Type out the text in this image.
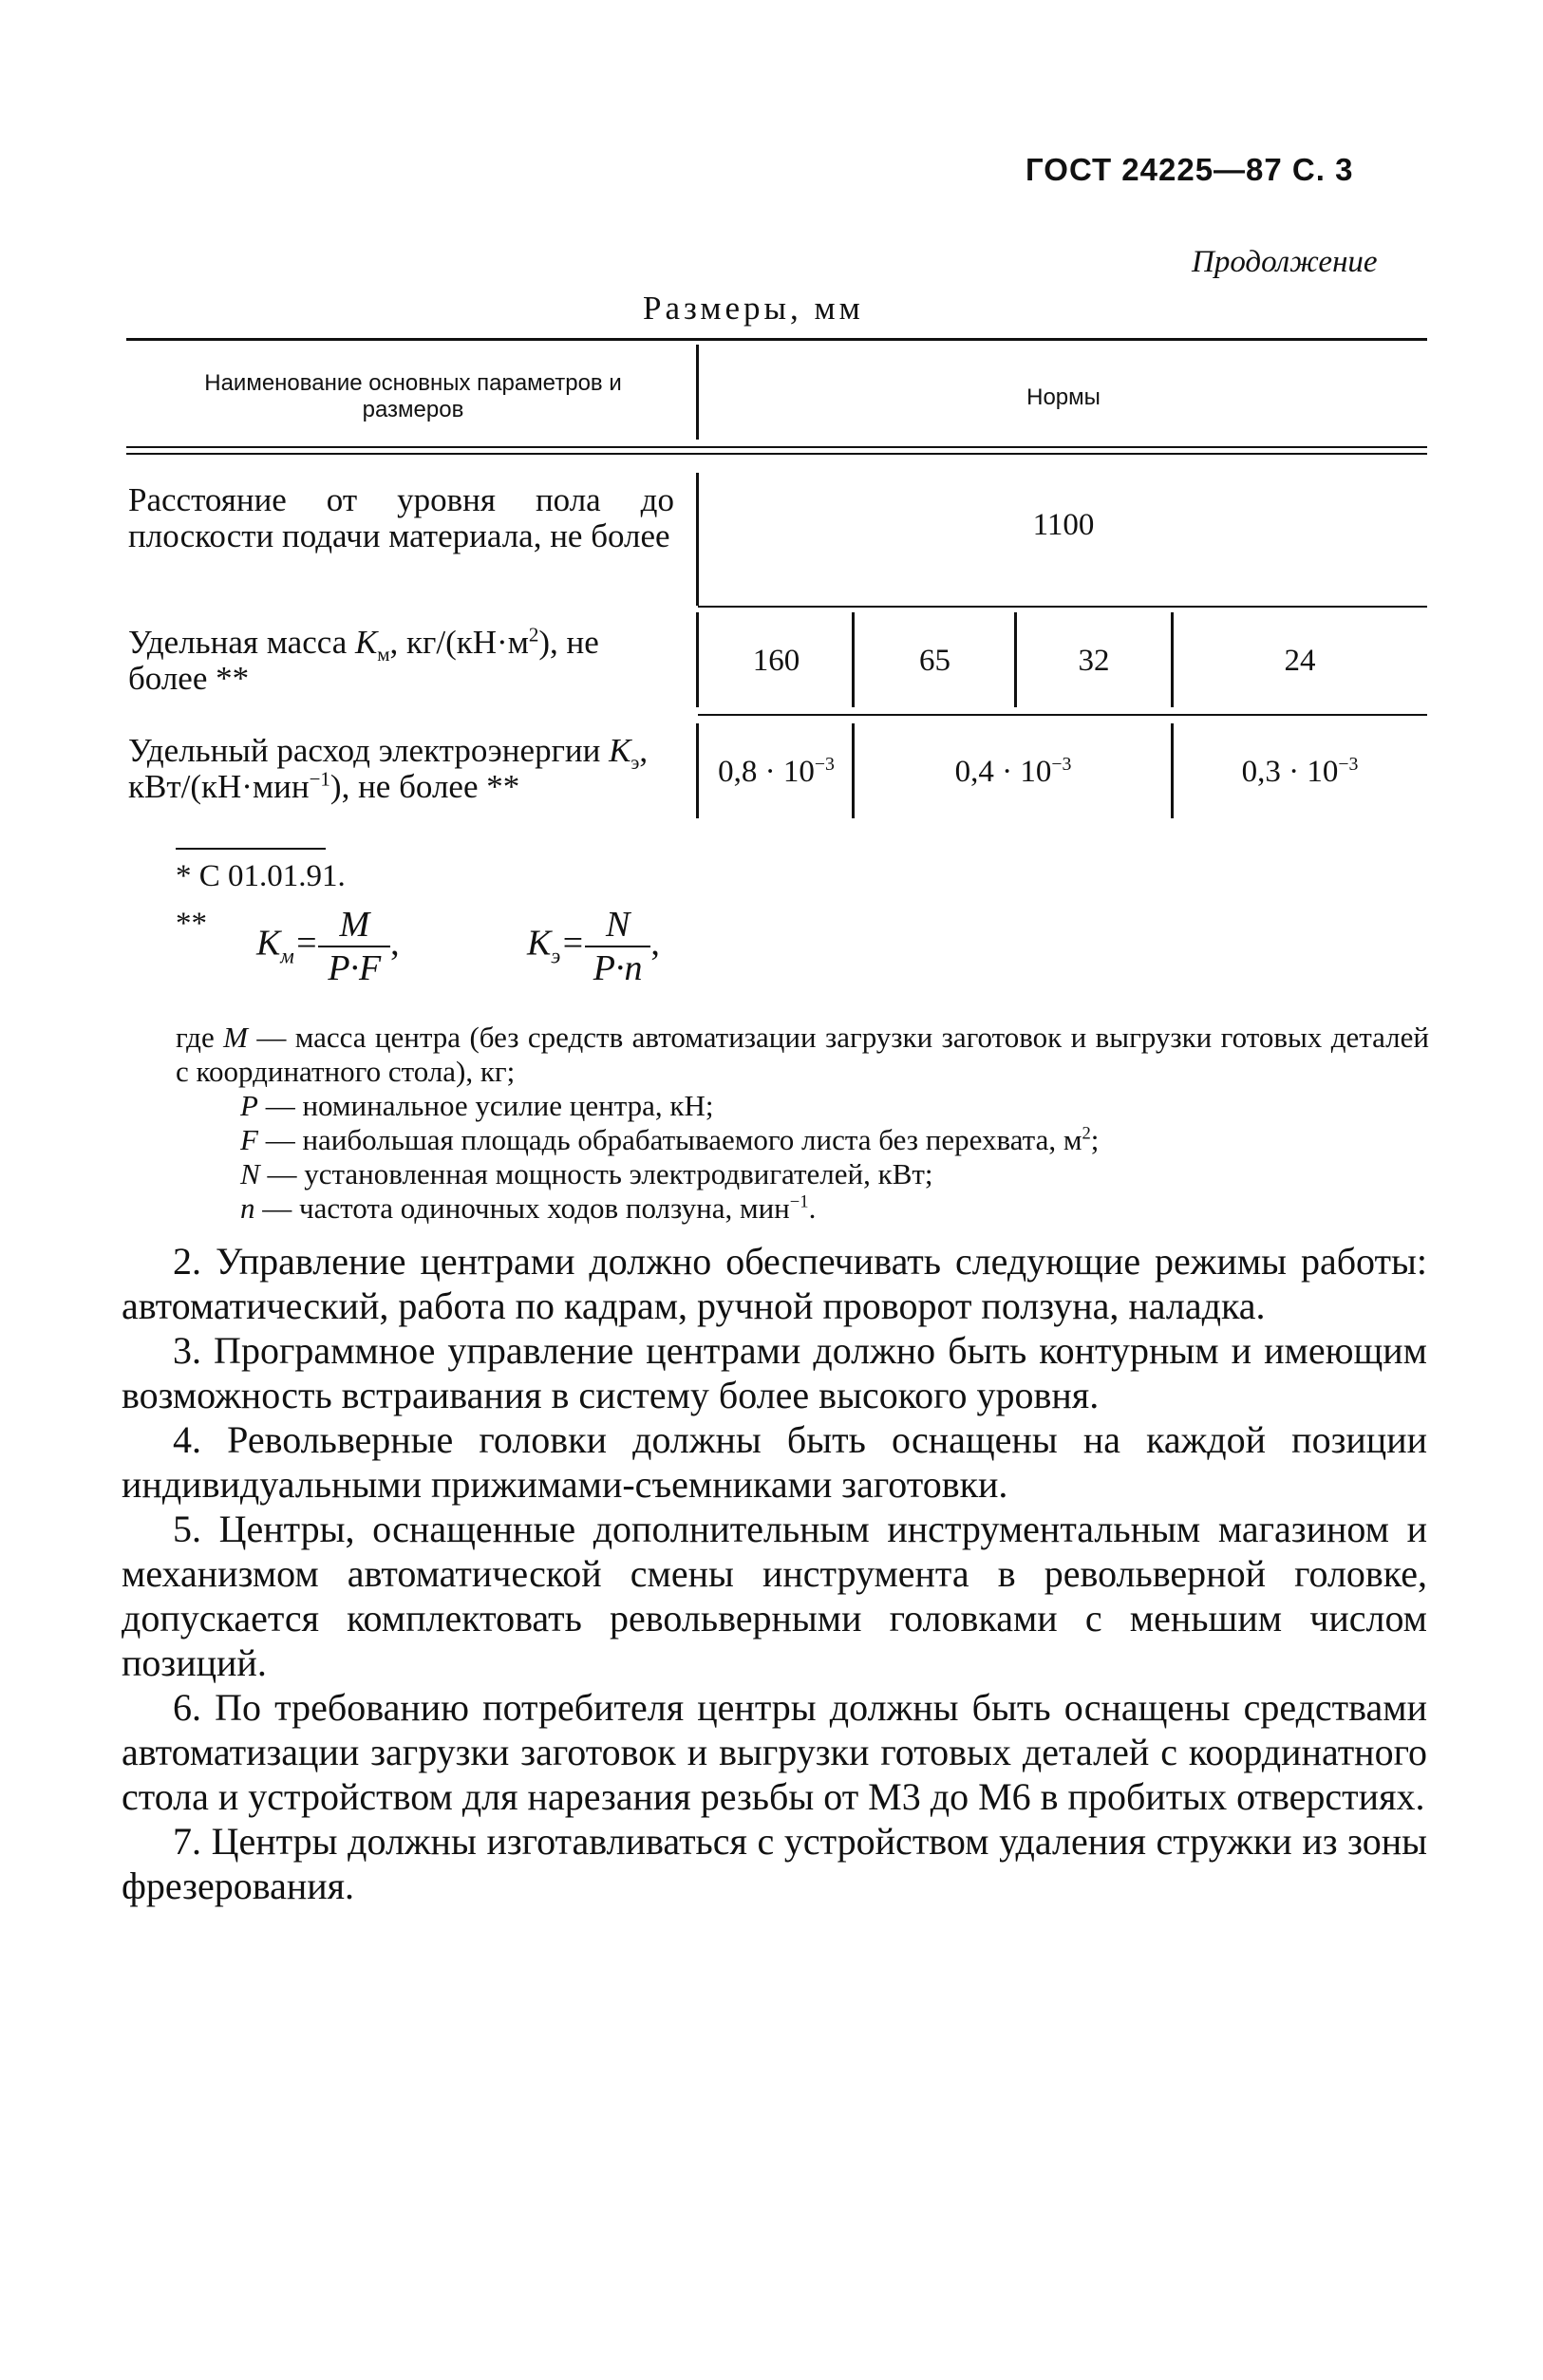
ГОСТ 24225—87 С. 3
Продолжение
Размеры, мм
Наименование основных параметров и размеров	Нормы
Расстояние от уровня пола до плоскости подачи материала, не более	1100
Удельная масса $К_м$, $кг/(кН\cdot м^2)$, не более **	160	65	32	24
Удельный расход электроэнергии $К_э$, кВт/(кН·мин$^{-1}$), не более **	$0,8 \cdot 10^{-3}$	$0,4 \cdot 10^{-3}$	$0,3 \cdot 10^{-3}$
* С 01.01.91.
** $К_м= \frac{M}{P\cdot F}$ ,	$К_э= \frac{N}{P\cdot n}$ ,
где M — масса центра (без средств автоматизации загрузки заготовок и выгрузки готовых деталей с координатного стола), кг;
P — номинальное усилие центра, кН;
F — наибольшая площадь обрабатываемого листа без перехвата, $м^2$;
N — установленная мощность электродвигателей, кВт;
n — частота одиночных ходов ползуна, мин$^{-1}$.
2. Управление центрами должно обеспечивать следующие режимы работы: автоматический, работа по кадрам, ручной проворот ползуна, наладка.
3. Программное управление центрами должно быть контурным и имеющим возможность встраивания в систему более высокого уровня.
4. Револьверные головки должны быть оснащены на каждой позиции индивидуальными прижимами-съемниками заготовки.
5. Центры, оснащенные дополнительным инструментальным магазином и механизмом автоматической смены инструмента в револьверной головке, допускается комплектовать револьверными головками с меньшим числом позиций.
6. По требованию потребителя центры должны быть оснащены средствами автоматизации загрузки заготовок и выгрузки готовых деталей с координатного стола и устройством для нарезания резьбы от М3 до М6 в пробитых отверстиях.
7. Центры должны изготавливаться с устройством удаления стружки из зоны фрезерования.
